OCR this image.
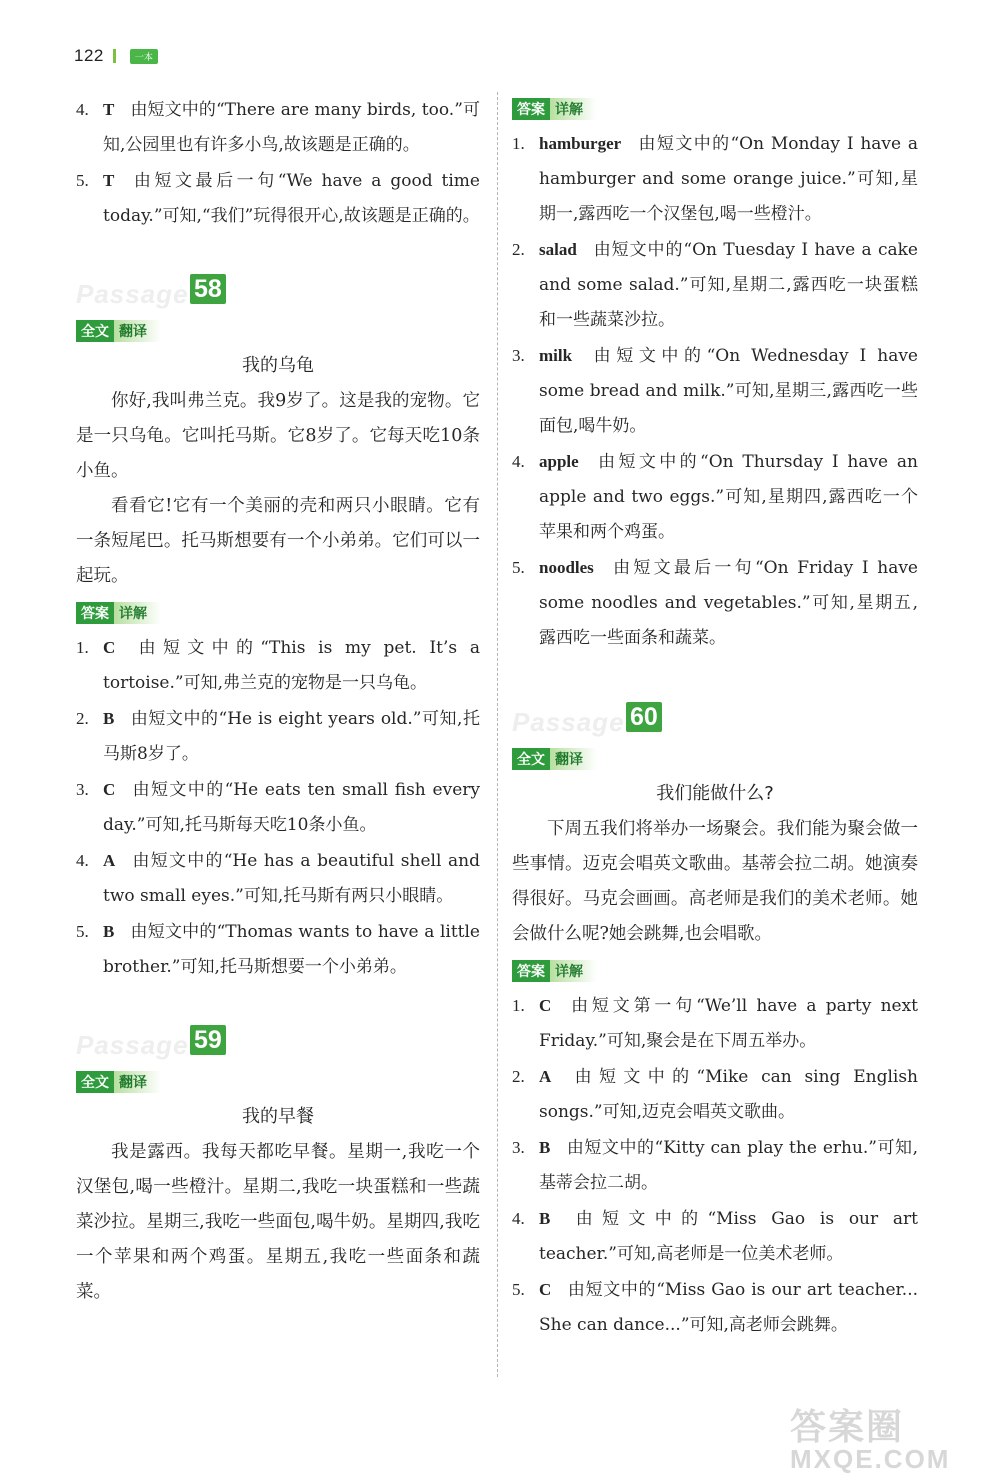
122	一本
4. T 由短文中的“There are many birds, too.”可知,公园里也有许多小鸟,故该题是正确的。
5. T 由短文最后一句“We have a good time today.”可知,“我们”玩得很开心,故该题是正确的。
Passage 58
全文 翻译
我的乌龟

你好,我叫弗兰克。我9岁了。这是我的宠物。它是一只乌龟。它叫托马斯。它8岁了。它每天吃10条小鱼。

看看它!它有一个美丽的壳和两只小眼睛。它有一条短尾巴。托马斯想要有一个小弟弟。它们可以一起玩。

答案 详解
1. C 由短文中的“This is my pet. It’s a tortoise.”可知,弗兰克的宠物是一只乌龟。
2. B 由短文中的“He is eight years old.”可知,托马斯8岁了。
3. C 由短文中的“He eats ten small fish every day.”可知,托马斯每天吃10条小鱼。
4. A 由短文中的“He has a beautiful shell and two small eyes.”可知,托马斯有两只小眼睛。
5. B 由短文中的“Thomas wants to have a little brother.”可知,托马斯想要一个小弟弟。
Passage 59
全文 翻译
我的早餐

我是露西。我每天都吃早餐。星期一,我吃一个汉堡包,喝一些橙汁。星期二,我吃一块蛋糕和一些蔬菜沙拉。星期三,我吃一些面包,喝牛奶。星期四,我吃一个苹果和两个鸡蛋。星期五,我吃一些面条和蔬菜。

答案 详解
1. hamburger 由短文中的“On Monday I have a hamburger and some orange juice.”可知,星期一,露西吃一个汉堡包,喝一些橙汁。
2. salad 由短文中的“On Tuesday I have a cake and some salad.”可知,星期二,露西吃一块蛋糕和一些蔬菜沙拉。
3. milk 由短文中的“On Wednesday I have some bread and milk.”可知,星期三,露西吃一些面包,喝牛奶。
4. apple 由短文中的“On Thursday I have an apple and two eggs.”可知,星期四,露西吃一个苹果和两个鸡蛋。
5. noodles 由短文最后一句“On Friday I have some noodles and vegetables.”可知,星期五,露西吃一些面条和蔬菜。
Passage 60
全文 翻译
我们能做什么?

下周五我们将举办一场聚会。我们能为聚会做一些事情。迈克会唱英文歌曲。基蒂会拉二胡。她演奏得很好。马克会画画。高老师是我们的美术老师。她会做什么呢?她会跳舞,也会唱歌。

答案 详解
1. C 由短文第一句“We’ll have a party next Friday.”可知,聚会是在下周五举办。
2. A 由短文中的“Mike can sing English songs.”可知,迈克会唱英文歌曲。
3. B 由短文中的“Kitty can play the erhu.”可知,基蒂会拉二胡。
4. B 由短文中的“Miss Gao is our art teacher.”可知,高老师是一位美术老师。
5. C 由短文中的“Miss Gao is our art teacher... She can dance...”可知,高老师会跳舞。
答案圈
MXQE.COM
